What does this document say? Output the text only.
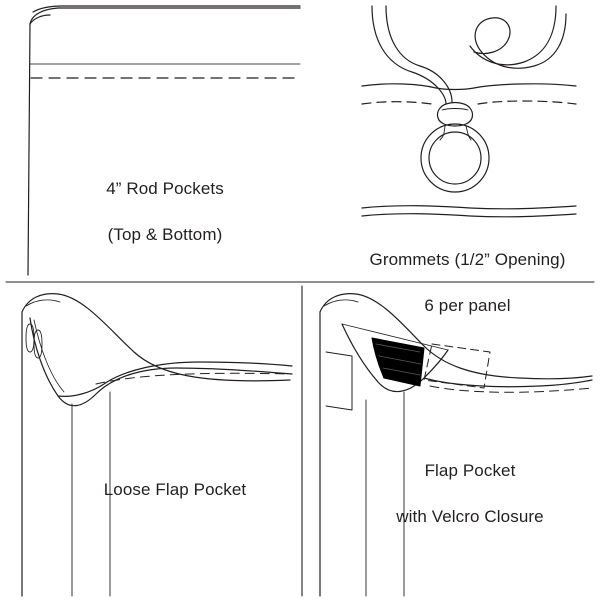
4” Rod Pockets

(Top & Bottom)

Grommets (1/2” Opening)

6 per panel

Loose Flap Pocket

Flap Pocket

with Velcro Closure
